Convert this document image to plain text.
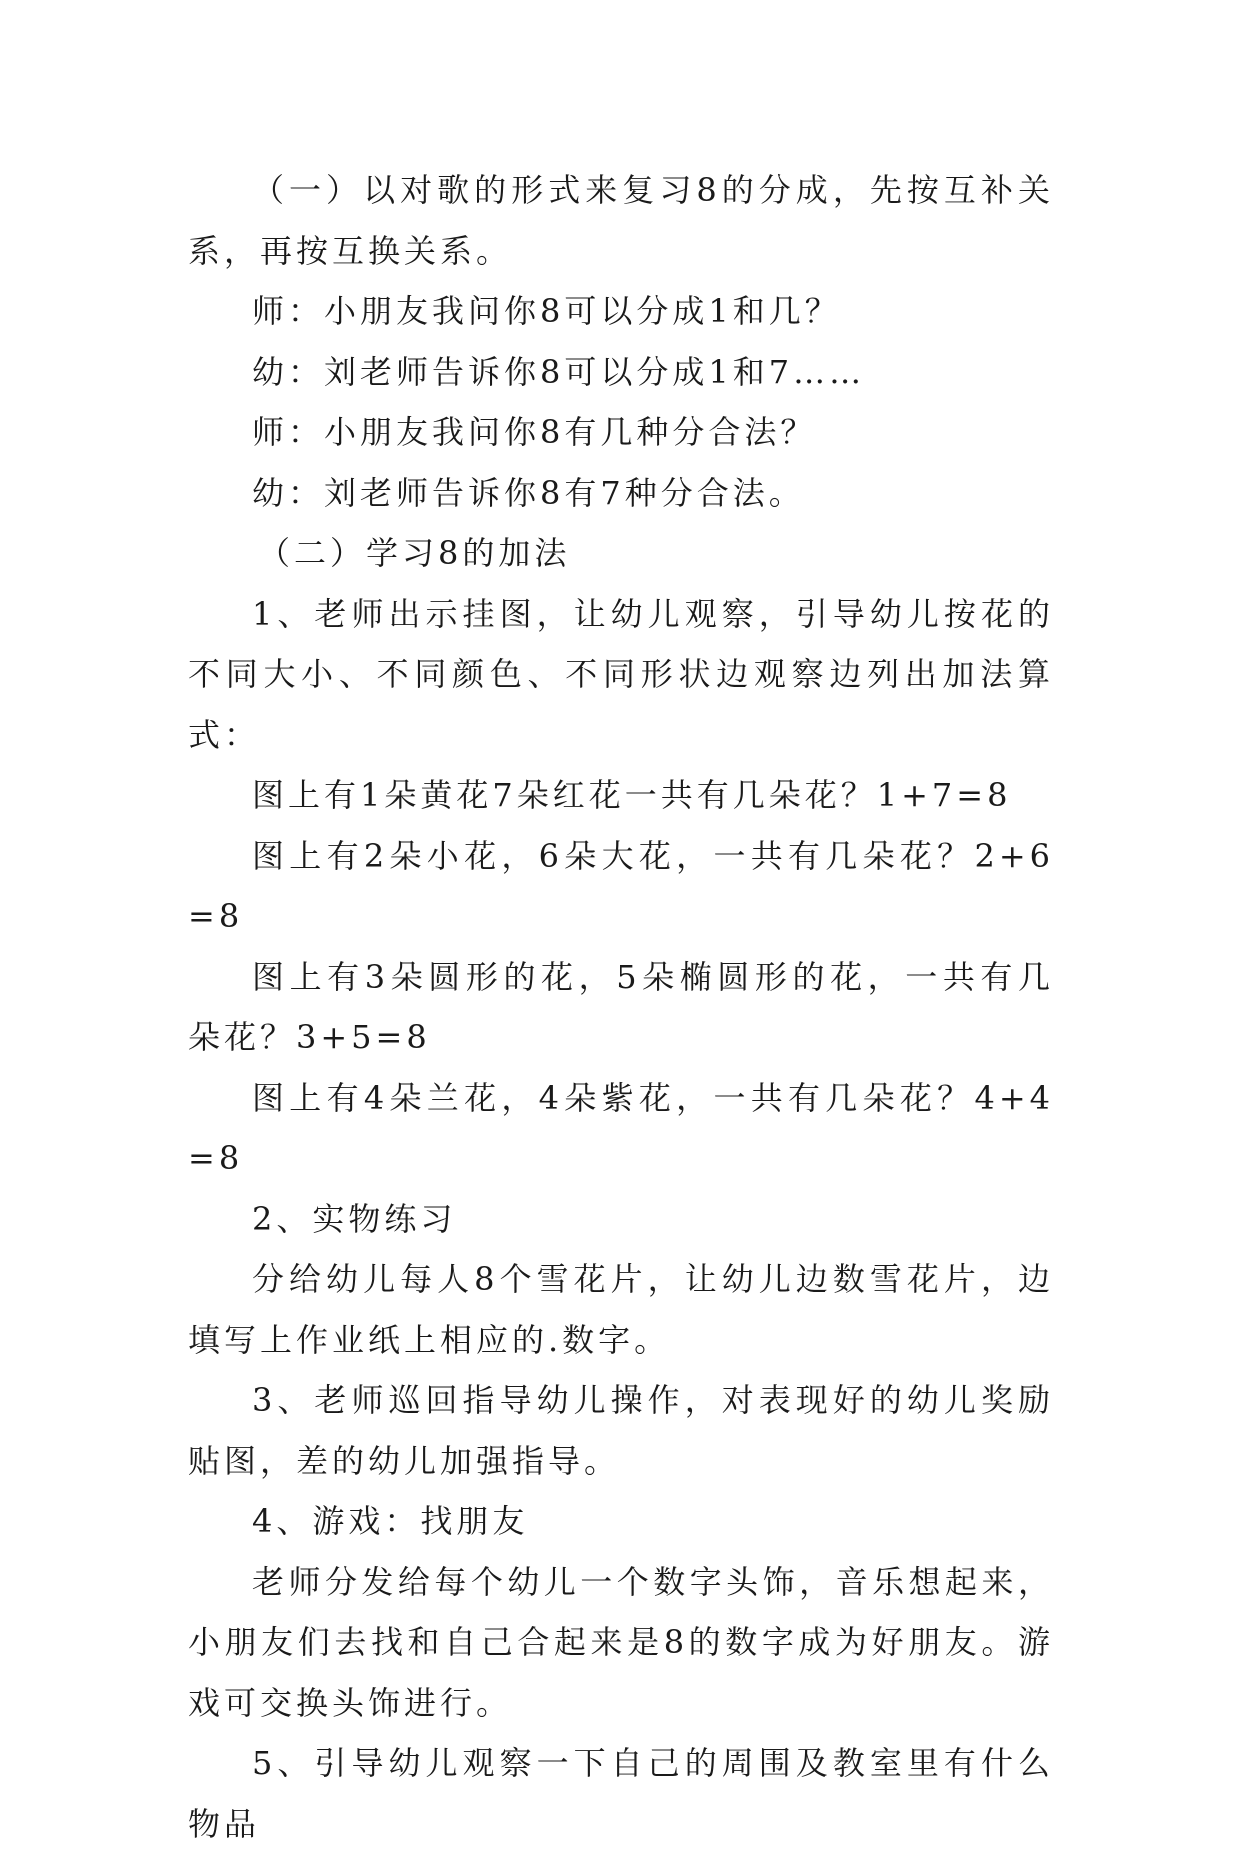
（一）以对歌的形式来复习8的分成，先按互补关系，再按互换关系。

师：小朋友我问你8可以分成1和几？

幼：刘老师告诉你8可以分成1和7……

师：小朋友我问你8有几种分合法？

幼：刘老师告诉你8有7种分合法。

（二）学习8的加法

1、老师出示挂图，让幼儿观察，引导幼儿按花的不同大小、不同颜色、不同形状边观察边列出加法算式：

图上有1朵黄花7朵红花一共有几朵花？1+7=8

图上有2朵小花，6朵大花，一共有几朵花？2+6=8

图上有3朵圆形的花，5朵椭圆形的花，一共有几朵花？3+5=8

图上有4朵兰花，4朵紫花，一共有几朵花？4+4=8

2、实物练习

分给幼儿每人8个雪花片，让幼儿边数雪花片，边填写上作业纸上相应的.数字。

3、老师巡回指导幼儿操作，对表现好的幼儿奖励贴图，差的幼儿加强指导。

4、游戏：找朋友

老师分发给每个幼儿一个数字头饰，音乐想起来，小朋友们去找和自己合起来是8的数字成为好朋友。游戏可交换头饰进行。

5、引导幼儿观察一下自己的周围及教室里有什么物品
